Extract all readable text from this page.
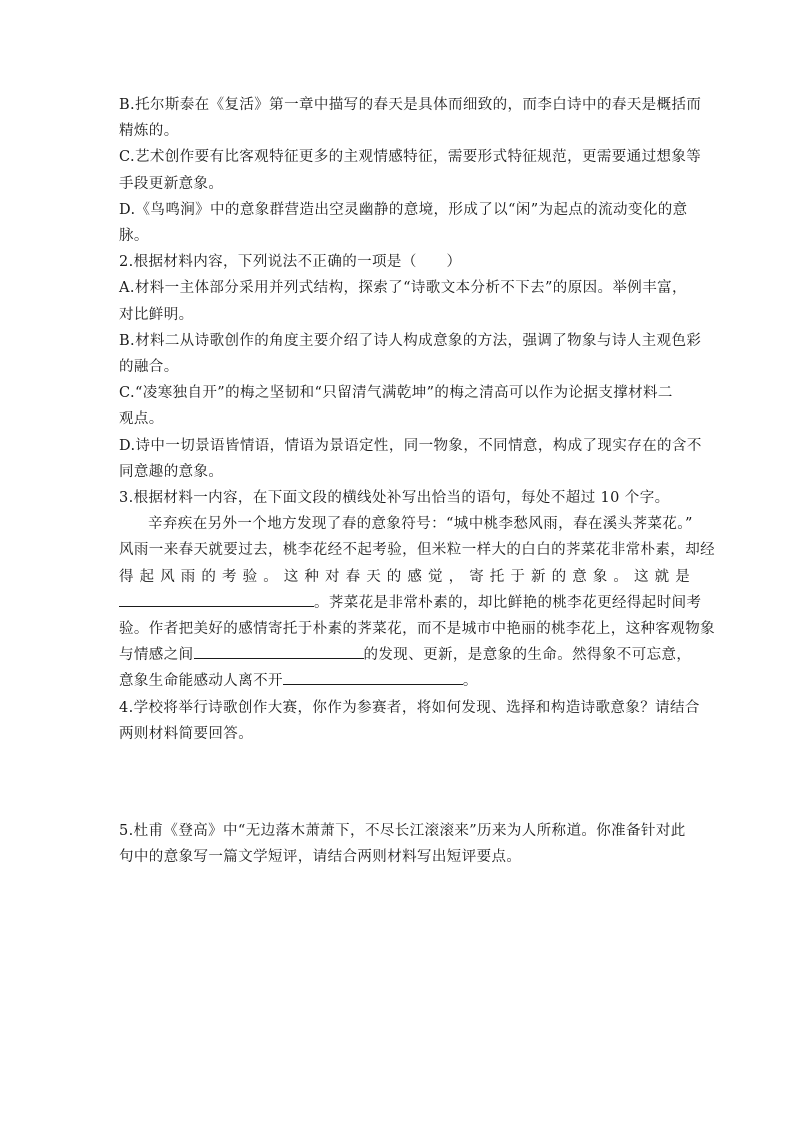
B.托尔斯泰在《复活》第一章中描写的春天是具体而细致的，而李白诗中的春天是概括而
精炼的。
C.艺术创作要有比客观特征更多的主观情感特征，需要形式特征规范，更需要通过想象等
手段更新意象。
D.《鸟鸣涧》中的意象群营造出空灵幽静的意境，形成了以“闲”为起点的流动变化的意
脉。
2.根据材料内容，下列说法不正确的一项是（　　）
A.材料一主体部分采用并列式结构，探索了“诗歌文本分析不下去”的原因。举例丰富，
对比鲜明。
B.材料二从诗歌创作的角度主要介绍了诗人构成意象的方法，强调了物象与诗人主观色彩
的融合。
C.“凌寒独自开”的梅之坚韧和“只留清气满乾坤”的梅之清高可以作为论据支撑材料二
观点。
D.诗中一切景语皆情语，情语为景语定性，同一物象，不同情意，构成了现实存在的含不
同意趣的意象。
3.根据材料一内容，在下面文段的横线处补写出恰当的语句，每处不超过 10 个字。
辛弃疾在另外一个地方发现了春的意象符号：“城中桃李愁风雨，春在溪头荠菜花。”
风雨一来春天就要过去，桃李花经不起考验，但米粒一样大的白白的荠菜花非常朴素，却经
得起风雨的考验。这种对春天的感觉，寄托于新的意象。这就是
。荠菜花是非常朴素的，却比鲜艳的桃李花更经得起时间考
验。作者把美好的感情寄托于朴素的荠菜花，而不是城市中艳丽的桃李花上，这种客观物象
与情感之间	的发现、更新，是意象的生命。然得象不可忘意，
意象生命能感动人离不开	。
4.学校将举行诗歌创作大赛，你作为参赛者，将如何发现、选择和构造诗歌意象？请结合
两则材料简要回答。
5.杜甫《登高》中“无边落木萧萧下，不尽长江滚滚来”历来为人所称道。你准备针对此
句中的意象写一篇文学短评，请结合两则材料写出短评要点。
